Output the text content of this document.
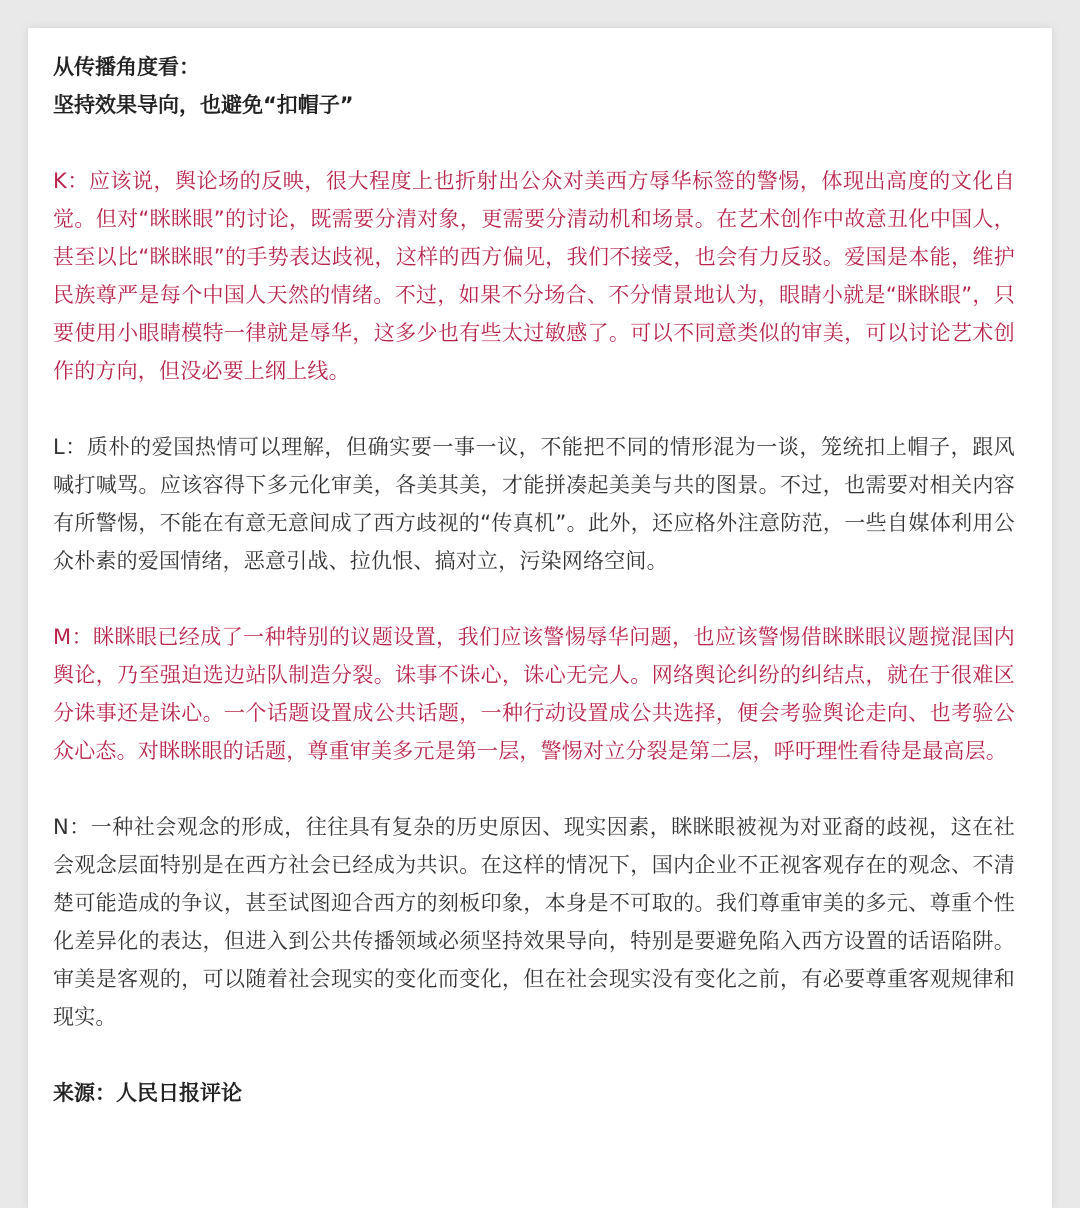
从传播角度看：

坚持效果导向，也避免“扣帽子”

K：应该说，舆论场的反映，很大程度上也折射出公众对美西方辱华标签的警惕，体现出高度的文化自觉。但对“眯眯眼”的讨论，既需要分清对象，更需要分清动机和场景。在艺术创作中故意丑化中国人，甚至以比“眯眯眼”的手势表达歧视，这样的西方偏见，我们不接受，也会有力反驳。爱国是本能，维护民族尊严是每个中国人天然的情绪。不过，如果不分场合、不分情景地认为，眼睛小就是“眯眯眼”，只要使用小眼睛模特一律就是辱华，这多少也有些太过敏感了。可以不同意类似的审美，可以讨论艺术创作的方向，但没必要上纲上线。

L：质朴的爱国热情可以理解，但确实要一事一议，不能把不同的情形混为一谈，笼统扣上帽子，跟风喊打喊骂。应该容得下多元化审美，各美其美，才能拼凑起美美与共的图景。不过，也需要对相关内容有所警惕，不能在有意无意间成了西方歧视的“传真机”。此外，还应格外注意防范，一些自媒体利用公众朴素的爱国情绪，恶意引战、拉仇恨、搞对立，污染网络空间。

M：眯眯眼已经成了一种特别的议题设置，我们应该警惕辱华问题，也应该警惕借眯眯眼议题搅混国内舆论，乃至强迫选边站队制造分裂。诛事不诛心，诛心无完人。网络舆论纠纷的纠结点，就在于很难区分诛事还是诛心。一个话题设置成公共话题，一种行动设置成公共选择，便会考验舆论走向、也考验公众心态。对眯眯眼的话题，尊重审美多元是第一层，警惕对立分裂是第二层，呼吁理性看待是最高层。

N：一种社会观念的形成，往往具有复杂的历史原因、现实因素，眯眯眼被视为对亚裔的歧视，这在社会观念层面特别是在西方社会已经成为共识。在这样的情况下，国内企业不正视客观存在的观念、不清楚可能造成的争议，甚至试图迎合西方的刻板印象，本身是不可取的。我们尊重审美的多元、尊重个性化差异化的表达，但进入到公共传播领域必须坚持效果导向，特别是要避免陷入西方设置的话语陷阱。审美是客观的，可以随着社会现实的变化而变化，但在社会现实没有变化之前，有必要尊重客观规律和现实。

来源：人民日报评论
